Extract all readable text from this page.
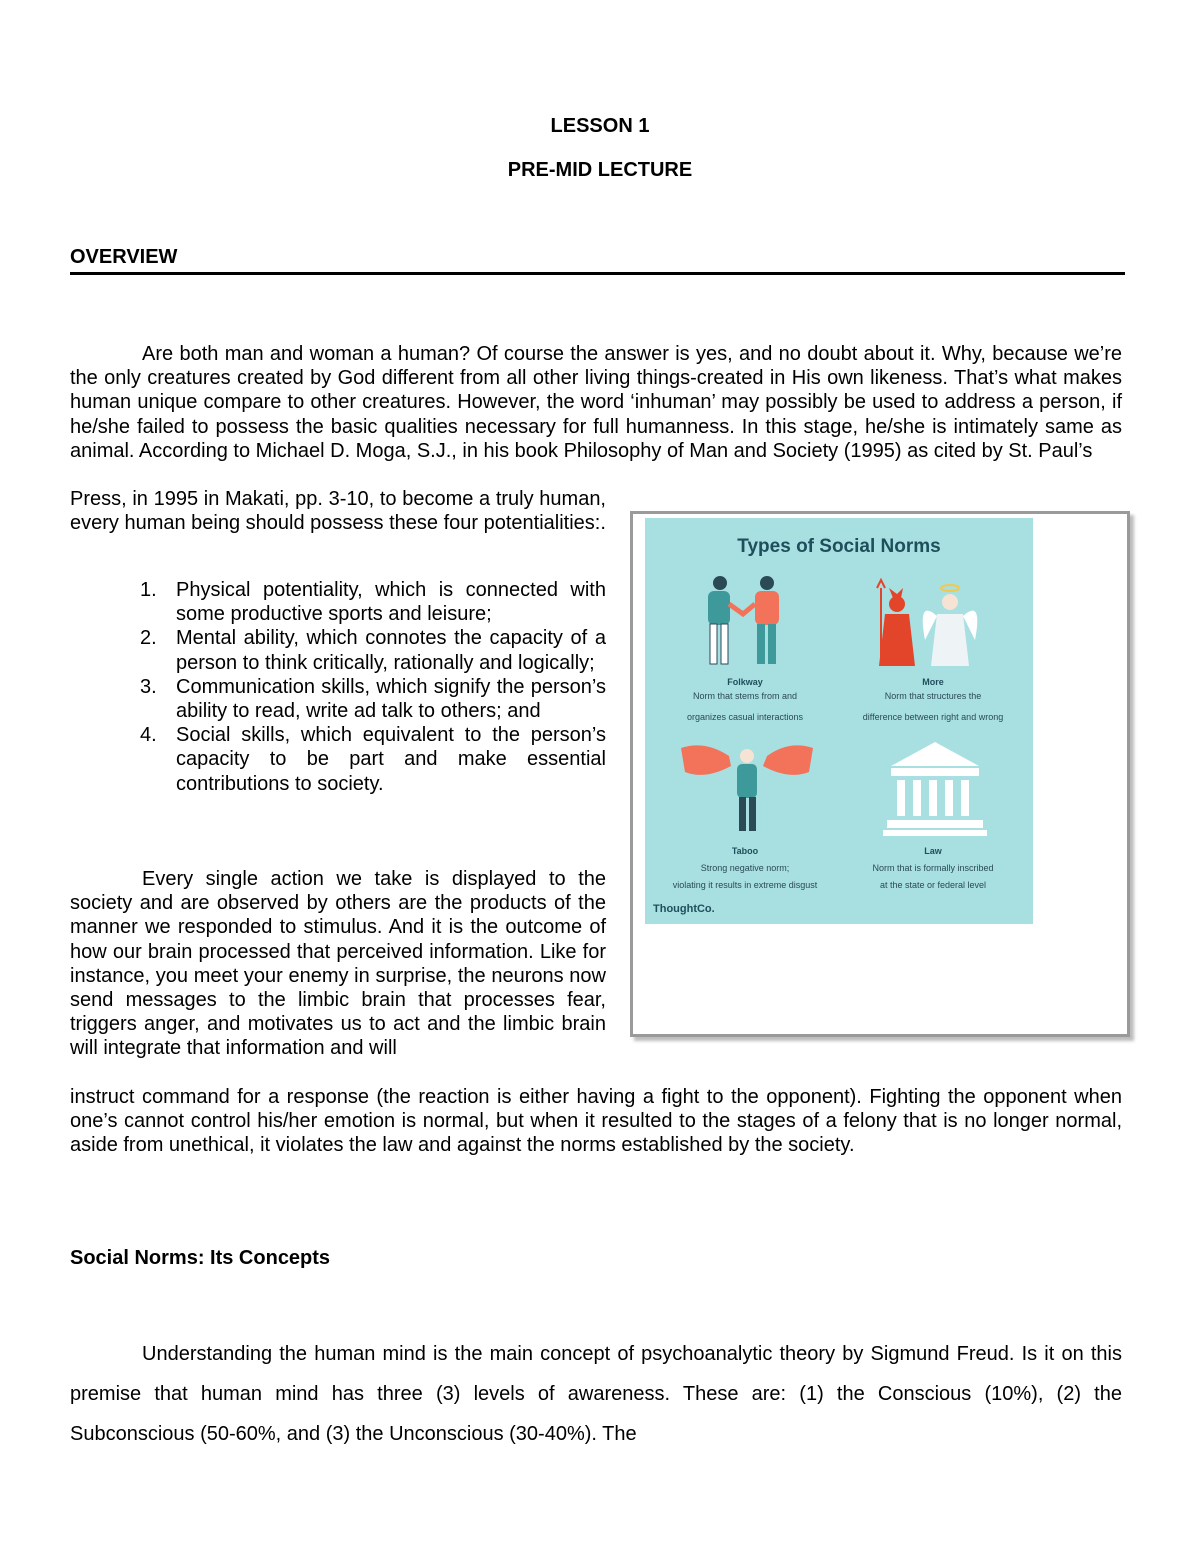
LESSON 1
PRE-MID LECTURE
OVERVIEW

Are both man and woman a human? Of course the answer is yes, and no doubt about it. Why, because we’re the only creatures created by God different from all other living things-created in His own likeness. That’s what makes human unique compare to other creatures. However, the word ‘inhuman’ may possibly be used to address a person, if he/she failed to possess the basic qualities necessary for full humanness. In this stage, he/she is intimately same as animal. According to Michael D. Moga, S.J., in his book Philosophy of Man and Society (1995) as cited by St. Paul’s

Press, in 1995 in Makati, pp. 3-10, to become a truly human, every human being should possess these four potentialities:.

1. Physical potentiality, which is connected with some productive sports and leisure;
2. Mental ability, which connotes the capacity of a person to think critically, rationally and logically;
3. Communication skills, which signify the person’s ability to read, write ad talk to others; and
4. Social skills, which equivalent to the person’s capacity to be part and make essential contributions to society.

Every single action we take is displayed to the society and are observed by others are the products of the manner we responded to stimulus. And it is the outcome of how our brain processed that perceived information. Like for instance, you meet your enemy in surprise, the neurons now send messages to the limbic brain that processes fear, triggers anger, and motivates us to act and the limbic brain will integrate that information and will

instruct command for a response (the reaction is either having a fight to the opponent). Fighting the opponent when one’s cannot control his/her emotion is normal, but when it resulted to the stages of a felony that is no longer normal, aside from unethical, it violates the law and against the norms established by the society.

Social Norms: Its Concepts

Understanding the human mind is the main concept of psychoanalytic theory by Sigmund Freud. Is it on this premise that human mind has three (3) levels of awareness. These are: (1) the Conscious (10%), (2) the Subconscious (50-60%, and (3) the Unconscious (30-40%). The

Types of Social Norms
Folkway
Norm that stems from and
organizes casual interactions
More
Norm that structures the
difference between right and wrong
Taboo
Strong negative norm;
violating it results in extreme disgust
Law
Norm that is formally inscribed
at the state or federal level
ThoughtCo.
